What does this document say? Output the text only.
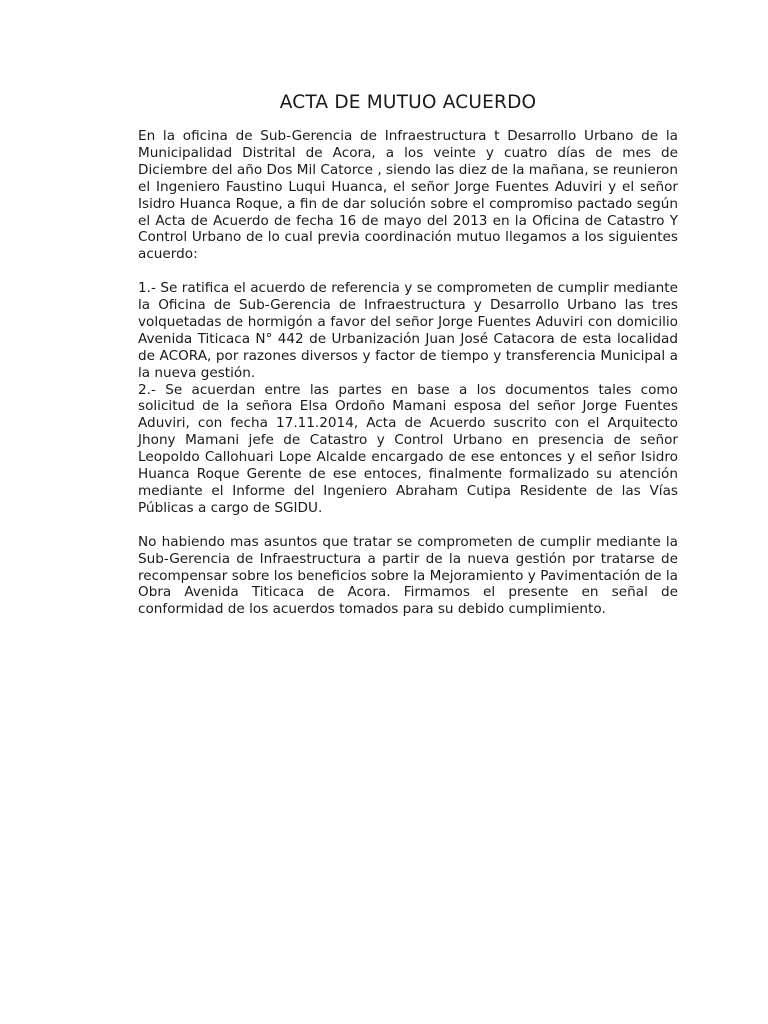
ACTA DE MUTUO ACUERDO

En la oficina de Sub-Gerencia de Infraestructura t Desarrollo Urbano de la Municipalidad Distrital de Acora, a los veinte y cuatro días de mes de Diciembre del año Dos Mil Catorce , siendo las diez de la mañana, se reunieron el Ingeniero Faustino Luqui Huanca, el señor Jorge Fuentes Aduviri y el señor Isidro Huanca Roque, a fin de dar solución sobre el compromiso pactado según el Acta de Acuerdo de fecha 16 de mayo del 2013 en la Oficina de Catastro Y Control Urbano de lo cual previa coordinación mutuo llegamos a los siguientes acuerdo:

1.- Se ratifica el acuerdo de referencia y se comprometen de cumplir mediante la Oficina de Sub-Gerencia de Infraestructura y Desarrollo Urbano las tres volquetadas de hormigón a favor del señor Jorge Fuentes Aduviri con domicilio Avenida Titicaca N° 442 de Urbanización Juan José Catacora de esta localidad de ACORA, por razones diversos y factor de tiempo y transferencia Municipal a la nueva gestión.

2.- Se acuerdan entre las partes en base a los documentos tales como solicitud de la señora Elsa Ordoño Mamani esposa del señor Jorge Fuentes Aduviri, con fecha 17.11.2014, Acta de Acuerdo suscrito con el Arquitecto Jhony Mamani jefe de Catastro y Control Urbano en presencia de señor Leopoldo Callohuari Lope Alcalde encargado de ese entonces y el señor Isidro Huanca Roque Gerente de ese entoces, finalmente formalizado su atención mediante el Informe del Ingeniero Abraham Cutipa Residente de las Vías Públicas a cargo de SGIDU.

No habiendo mas asuntos que tratar se comprometen de cumplir mediante la Sub-Gerencia de Infraestructura a partir de la nueva gestión por tratarse de recompensar sobre los beneficios sobre la Mejoramiento y Pavimentación de la Obra Avenida Titicaca de Acora. Firmamos el presente en señal de conformidad de los acuerdos tomados para su debido cumplimiento.
